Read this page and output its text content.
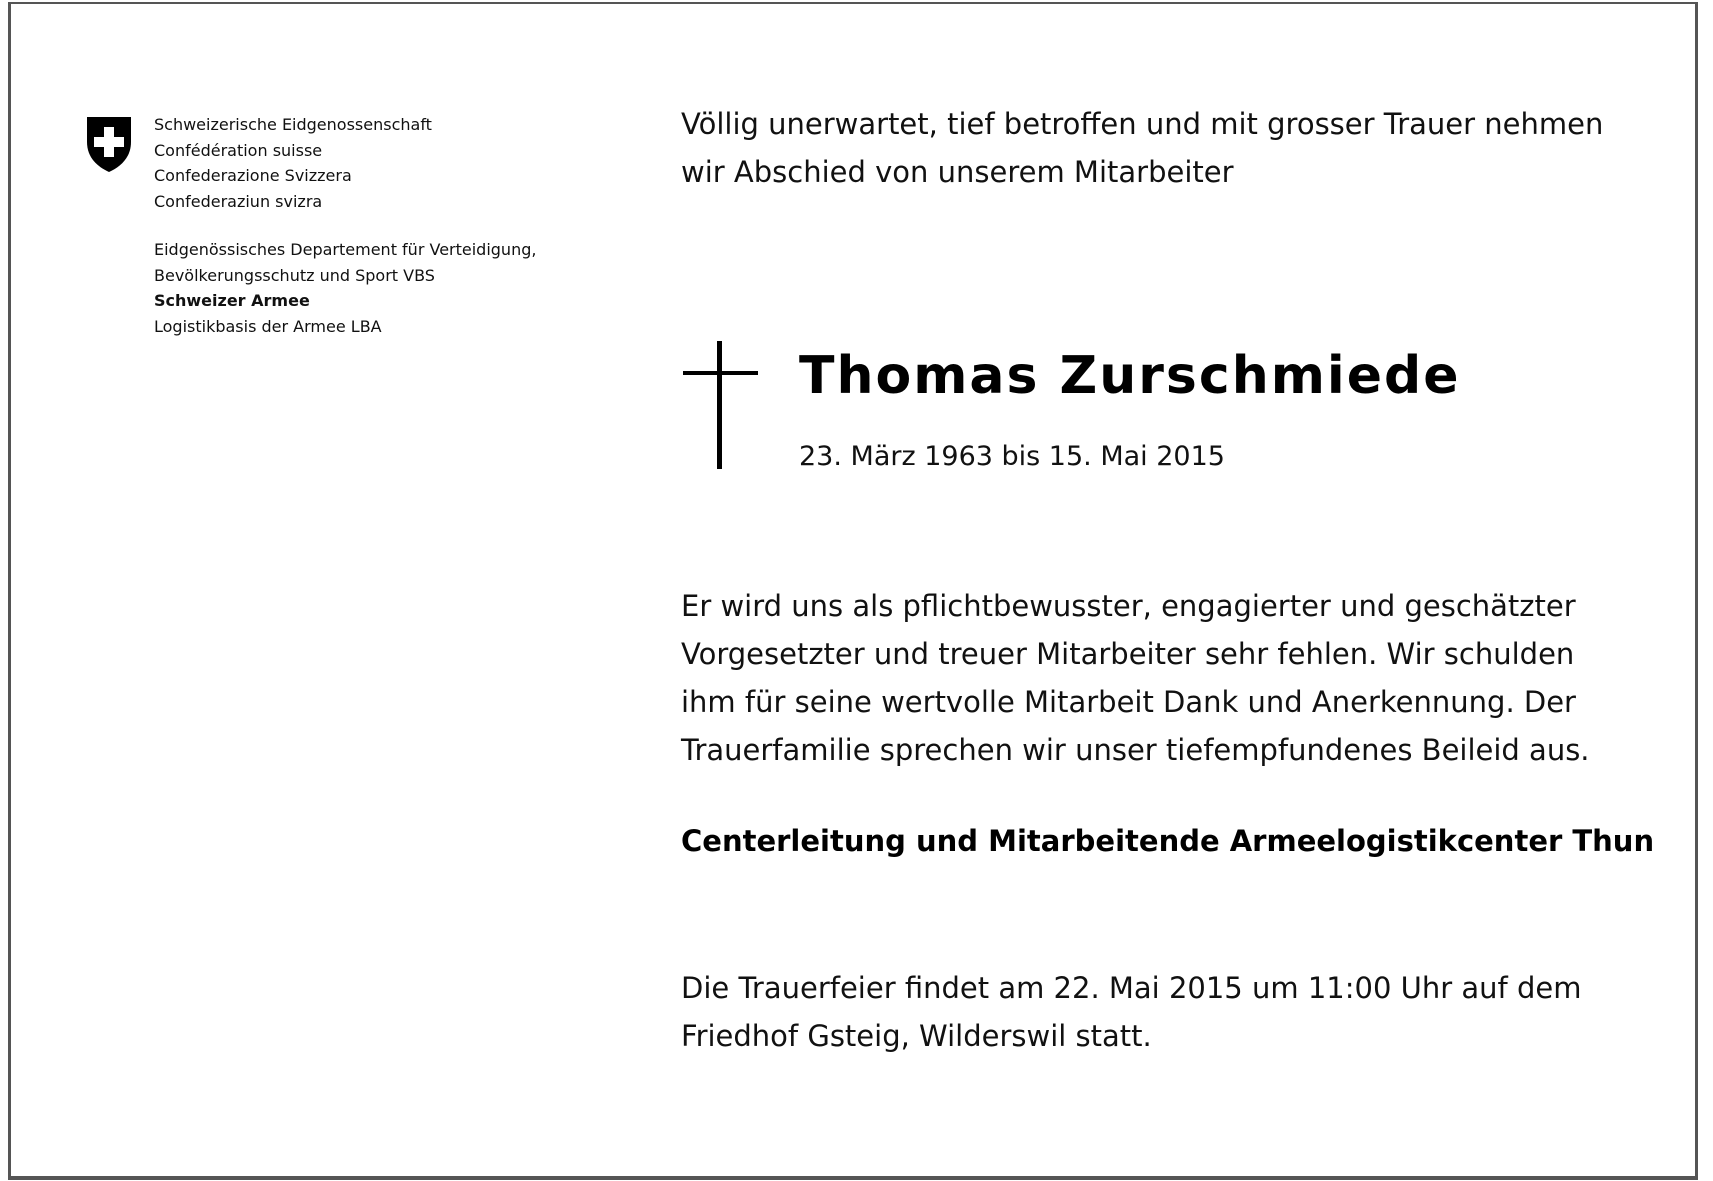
Schweizerische Eidgenossenschaft
Confédération suisse
Confederazione Svizzera
Confederaziun svizra
Eidgenössisches Departement für Verteidigung,
Bevölkerungsschutz und Sport VBS
Schweizer Armee
Logistikbasis der Armee LBA
Völlig unerwartet, tief betroffen und mit grosser Trauer nehmen
wir Abschied von unserem Mitarbeiter
Thomas Zurschmiede
23. März 1963 bis 15. Mai 2015
Er wird uns als pflichtbewusster, engagierter und geschätzter
Vorgesetzter und treuer Mitarbeiter sehr fehlen. Wir schulden
ihm für seine wertvolle Mitarbeit Dank und Anerkennung. Der
Trauerfamilie sprechen wir unser tiefempfundenes Beileid aus.
Centerleitung und Mitarbeitende Armeelogistikcenter Thun
Die Trauerfeier findet am 22. Mai 2015 um 11:00 Uhr auf dem
Friedhof Gsteig, Wilderswil statt.
